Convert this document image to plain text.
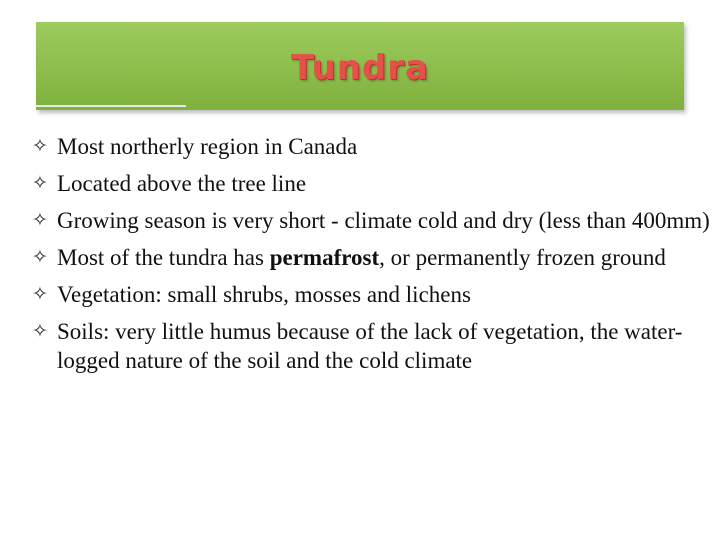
Tundra
✧ Most northerly region in Canada
✧ Located above the tree line
✧ Growing season is very short - climate cold and dry (less than 400mm)
✧ Most of the tundra has permafrost, or permanently frozen ground
✧ Vegetation: small shrubs, mosses and lichens
✧ Soils: very little humus because of the lack of vegetation, the water-logged nature of the soil and the cold climate
